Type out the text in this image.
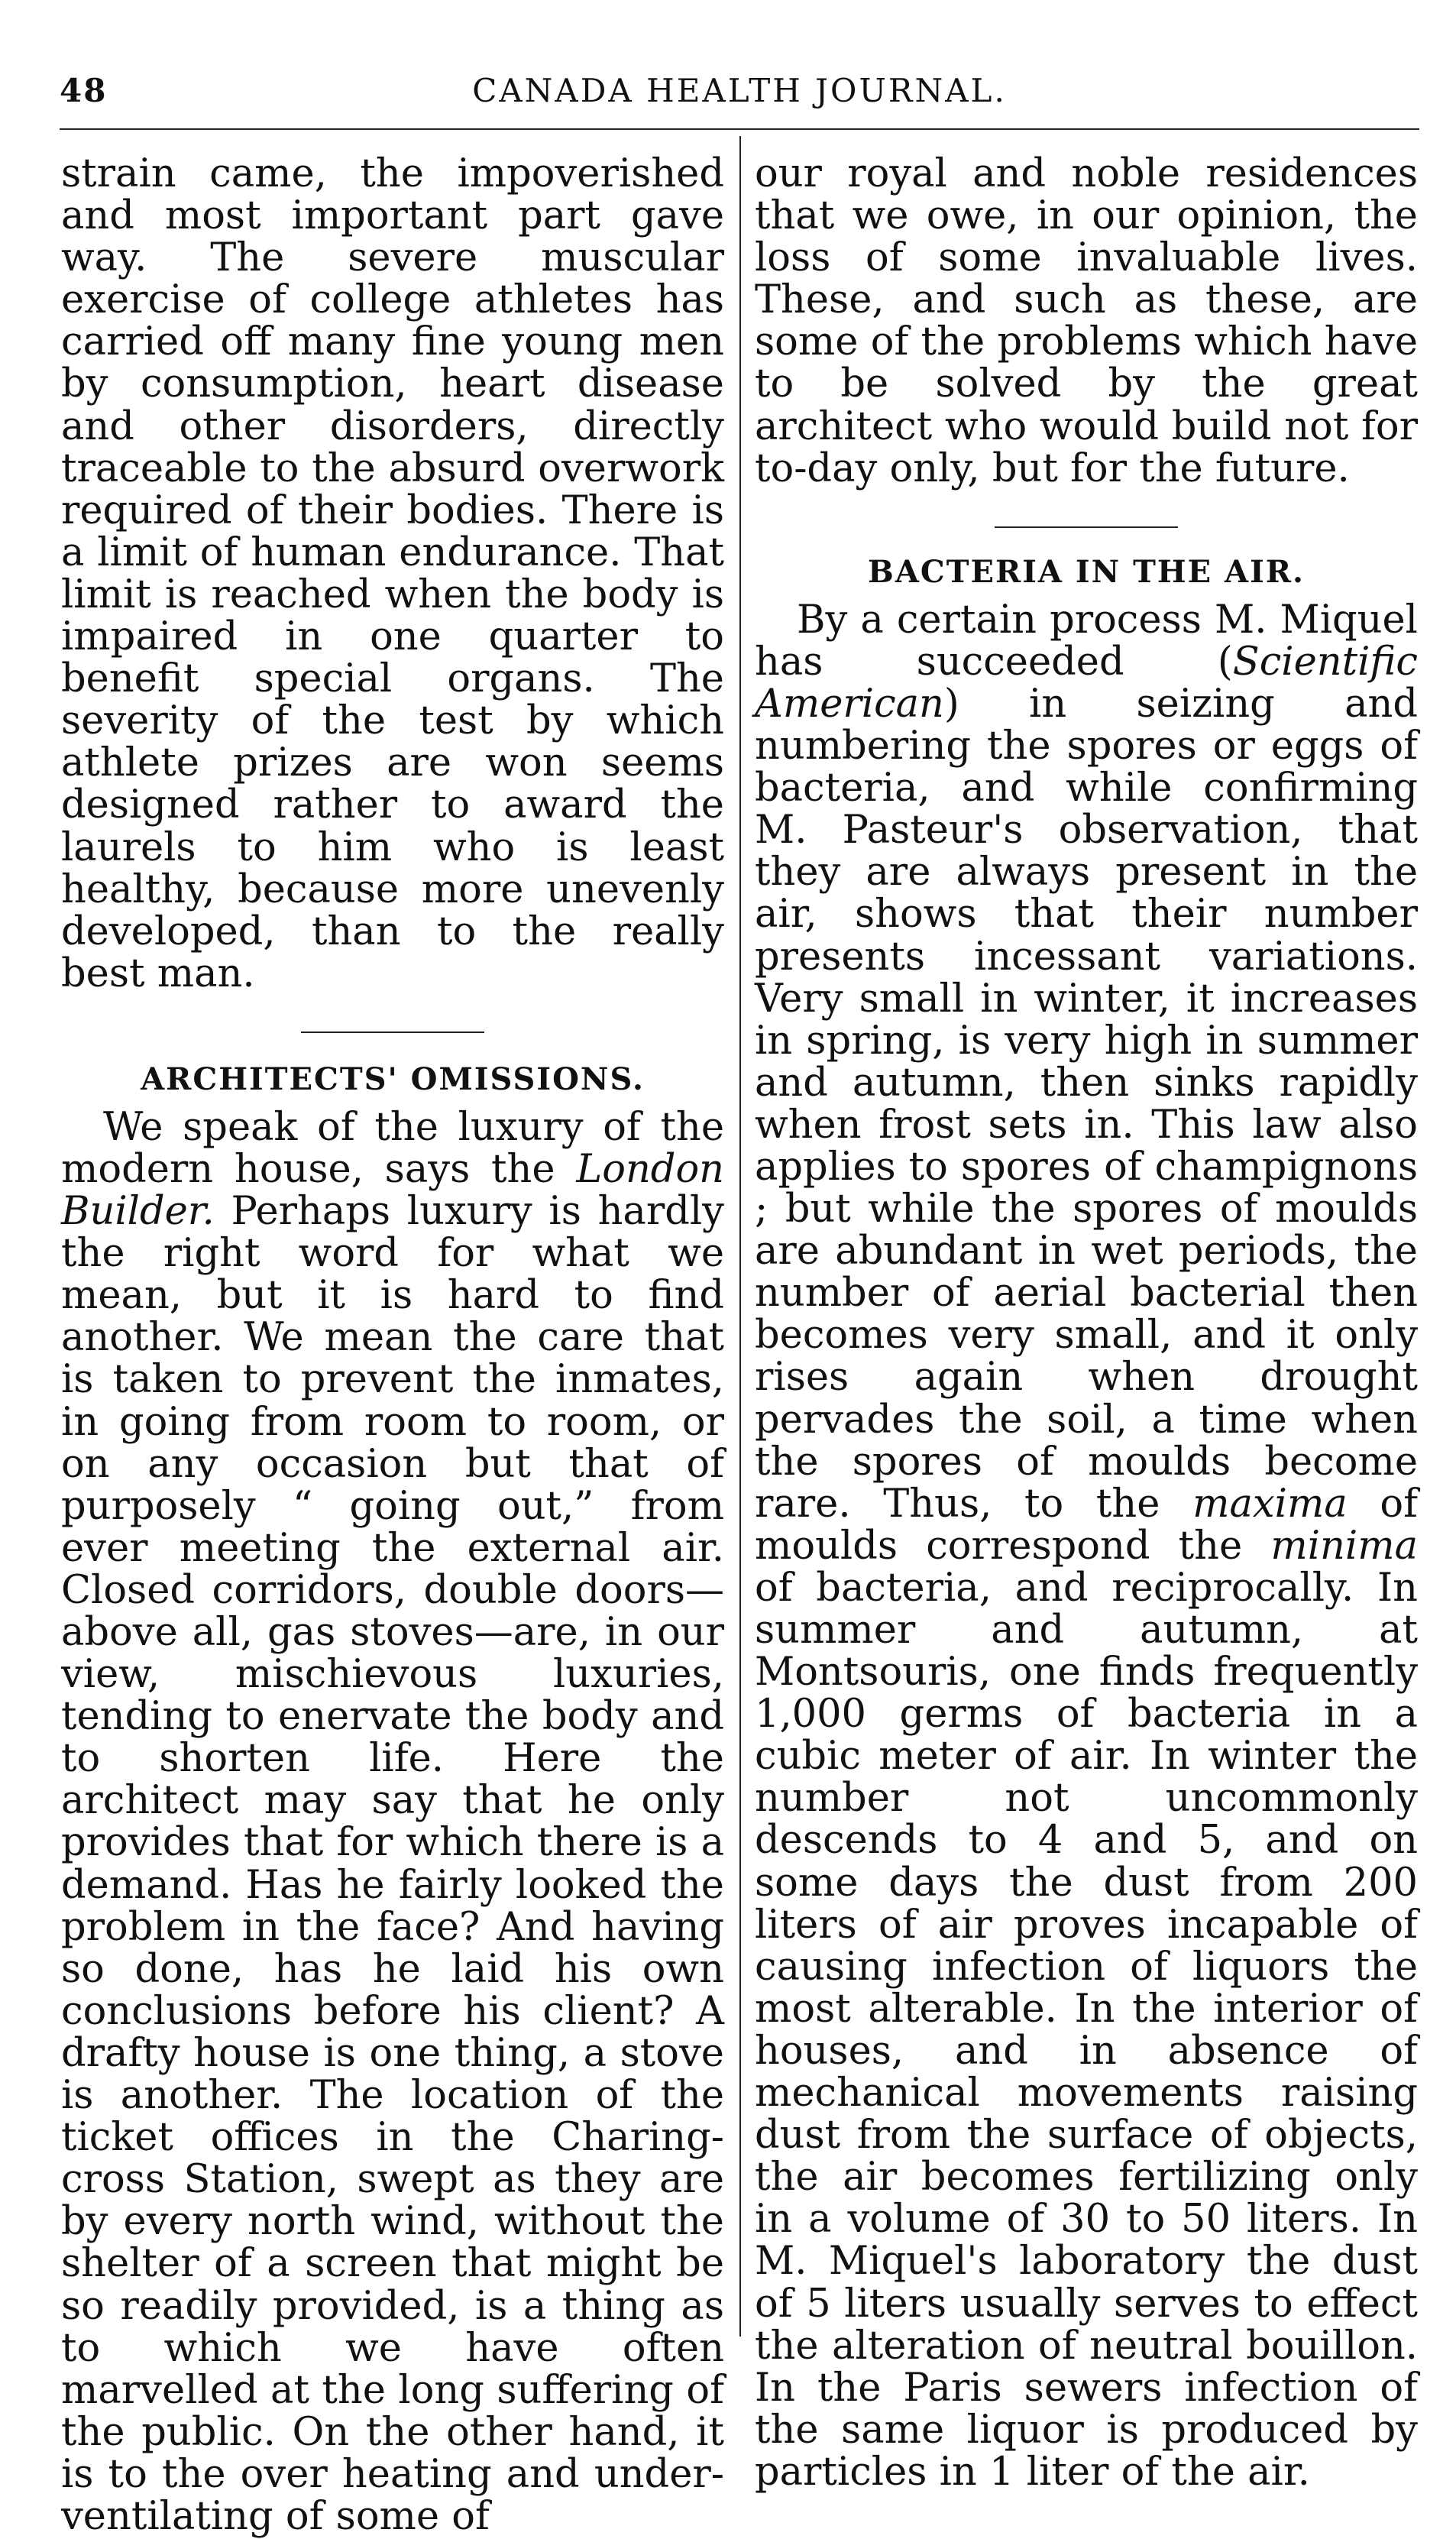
48	CANADA HEALTH JOURNAL.

strain came, the impoverished and most important part gave way. The severe muscular exercise of college athletes has carried off many fine young men by consumption, heart disease and other disorders, directly traceable to the absurd overwork required of their bodies. There is a limit of human endurance. That limit is reached when the body is impaired in one quarter to benefit special organs. The severity of the test by which athlete prizes are won seems designed rather to award the laurels to him who is least healthy, because more unevenly developed, than to the really best man.

ARCHITECTS' OMISSIONS.

We speak of the luxury of the modern house, says the London Builder. Perhaps luxury is hardly the right word for what we mean, but it is hard to find another. We mean the care that is taken to prevent the inmates, in going from room to room, or on any occasion but that of purposely “ going out,” from ever meeting the external air. Closed corridors, double doors—above all, gas stoves—are, in our view, mischievous luxuries, tending to enervate the body and to shorten life. Here the architect may say that he only provides that for which there is a demand. Has he fairly looked the problem in the face? And having so done, has he laid his own conclusions before his client? A drafty house is one thing, a stove is another. The location of the ticket offices in the Charing-cross Station, swept as they are by every north wind, without the shelter of a screen that might be so readily provided, is a thing as to which we have often marvelled at the long suffering of the public. On the other hand, it is to the over heating and under-ventilating of some of

our royal and noble residences that we owe, in our opinion, the loss of some invaluable lives. These, and such as these, are some of the problems which have to be solved by the great architect who would build not for to-day only, but for the future.

BACTERIA IN THE AIR.

By a certain process M. Miquel has succeeded (Scientific American) in seizing and numbering the spores or eggs of bacteria, and while confirming M. Pasteur's observation, that they are always present in the air, shows that their number presents incessant variations. Very small in winter, it increases in spring, is very high in summer and autumn, then sinks rapidly when frost sets in. This law also applies to spores of champignons ; but while the spores of moulds are abundant in wet periods, the number of aerial bacterial then becomes very small, and it only rises again when drought pervades the soil, a time when the spores of moulds become rare. Thus, to the maxima of moulds correspond the minima of bacteria, and reciprocally. In summer and autumn, at Montsouris, one finds frequently 1,000 germs of bacteria in a cubic meter of air. In winter the number not uncommonly descends to 4 and 5, and on some days the dust from 200 liters of air proves incapable of causing infection of liquors the most alterable. In the interior of houses, and in absence of mechanical movements raising dust from the surface of objects, the air becomes fertilizing only in a volume of 30 to 50 liters. In M. Miquel's laboratory the dust of 5 liters usually serves to effect the alteration of neutral bouillon. In the Paris sewers infection of the same liquor is produced by particles in 1 liter of the air.
